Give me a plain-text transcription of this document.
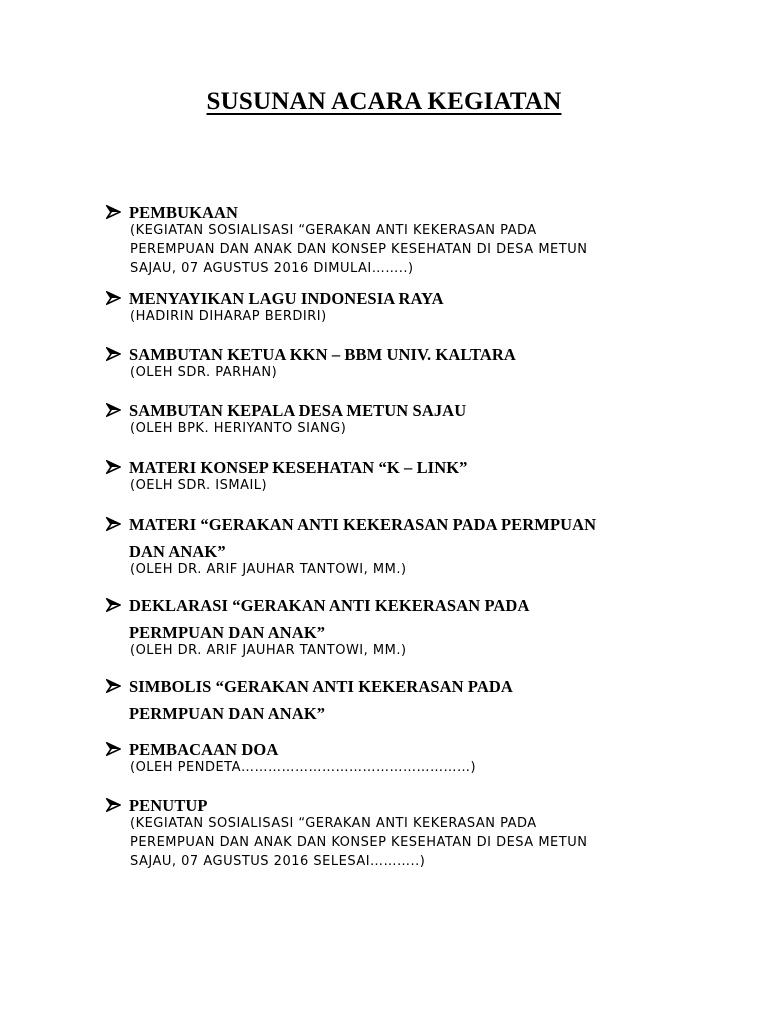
SUSUNAN ACARA KEGIATAN
PEMBUKAAN
(KEGIATAN SOSIALISASI “GERAKAN ANTI KEKERASAN PADA
PEREMPUAN DAN ANAK DAN KONSEP KESEHATAN DI DESA METUN
SAJAU, 07 AGUSTUS 2016 DIMULAI……..)
MENYAYIKAN LAGU INDONESIA RAYA
(HADIRIN DIHARAP BERDIRI)
SAMBUTAN KETUA KKN – BBM UNIV. KALTARA
(OLEH SDR. PARHAN)
SAMBUTAN KEPALA DESA METUN SAJAU
(OLEH BPK. HERIYANTO SIANG)
MATERI KONSEP KESEHATAN “K – LINK”
(OELH SDR. ISMAIL)
MATERI “GERAKAN ANTI KEKERASAN PADA PERMPUAN
DAN ANAK”
(OLEH DR. ARIF JAUHAR TANTOWI, MM.)
DEKLARASI “GERAKAN ANTI KEKERASAN PADA
PERMPUAN DAN ANAK”
(OLEH DR. ARIF JAUHAR TANTOWI, MM.)
SIMBOLIS “GERAKAN ANTI KEKERASAN PADA
PERMPUAN DAN ANAK”
PEMBACAAN DOA
(OLEH PENDETA……………………………………………)
PENUTUP
(KEGIATAN SOSIALISASI “GERAKAN ANTI KEKERASAN PADA
PEREMPUAN DAN ANAK DAN KONSEP KESEHATAN DI DESA METUN
SAJAU, 07 AGUSTUS 2016 SELESAI………..)
